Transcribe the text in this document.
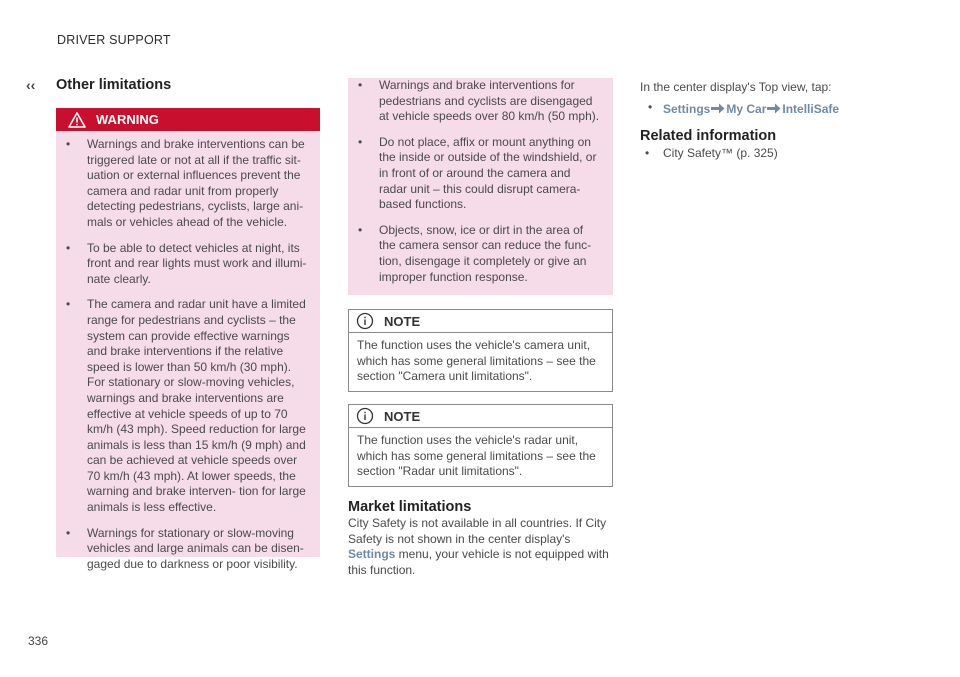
DRIVER SUPPORT
‹‹
336
Other limitations
WARNING
• Warnings and brake interventions can be triggered late or not at all if the traffic sit- uation or external influences prevent the camera and radar unit from properly detecting pedestrians, cyclists, large ani- mals or vehicles ahead of the vehicle.
• To be able to detect vehicles at night, its front and rear lights must work and illumi- nate clearly.
• The camera and radar unit have a limited range for pedestrians and cyclists – the system can provide effective warnings and brake interventions if the relative speed is lower than 50 km/h (30 mph). For stationary or slow-moving vehicles, warnings and brake interventions are effective at vehicle speeds of up to 70 km/h (43 mph). Speed reduction for large animals is less than 15 km/h (9 mph) and can be achieved at vehicle speeds over 70 km/h (43 mph). At lower speeds, the warning and brake interven- tion for large animals is less effective.
• Warnings for stationary or slow-moving vehicles and large animals can be disen- gaged due to darkness or poor visibility.
• Warnings and brake interventions for pedestrians and cyclists are disengaged at vehicle speeds over 80 km/h (50 mph).
• Do not place, affix or mount anything on the inside or outside of the windshield, or in front of or around the camera and radar unit – this could disrupt camera- based functions.
• Objects, snow, ice or dirt in the area of the camera sensor can reduce the func- tion, disengage it completely or give an improper function response.
NOTE
The function uses the vehicle's camera unit, which has some general limitations – see the section "Camera unit limitations".
NOTE
The function uses the vehicle's radar unit, which has some general limitations – see the section "Radar unit limitations".
Market limitations
City Safety is not available in all countries. If City Safety is not shown in the center display's Settings menu, your vehicle is not equipped with this function.
In the center display's Top view, tap:
• Settings My Car IntelliSafe
Related information
• City Safety™ (p. 325)
